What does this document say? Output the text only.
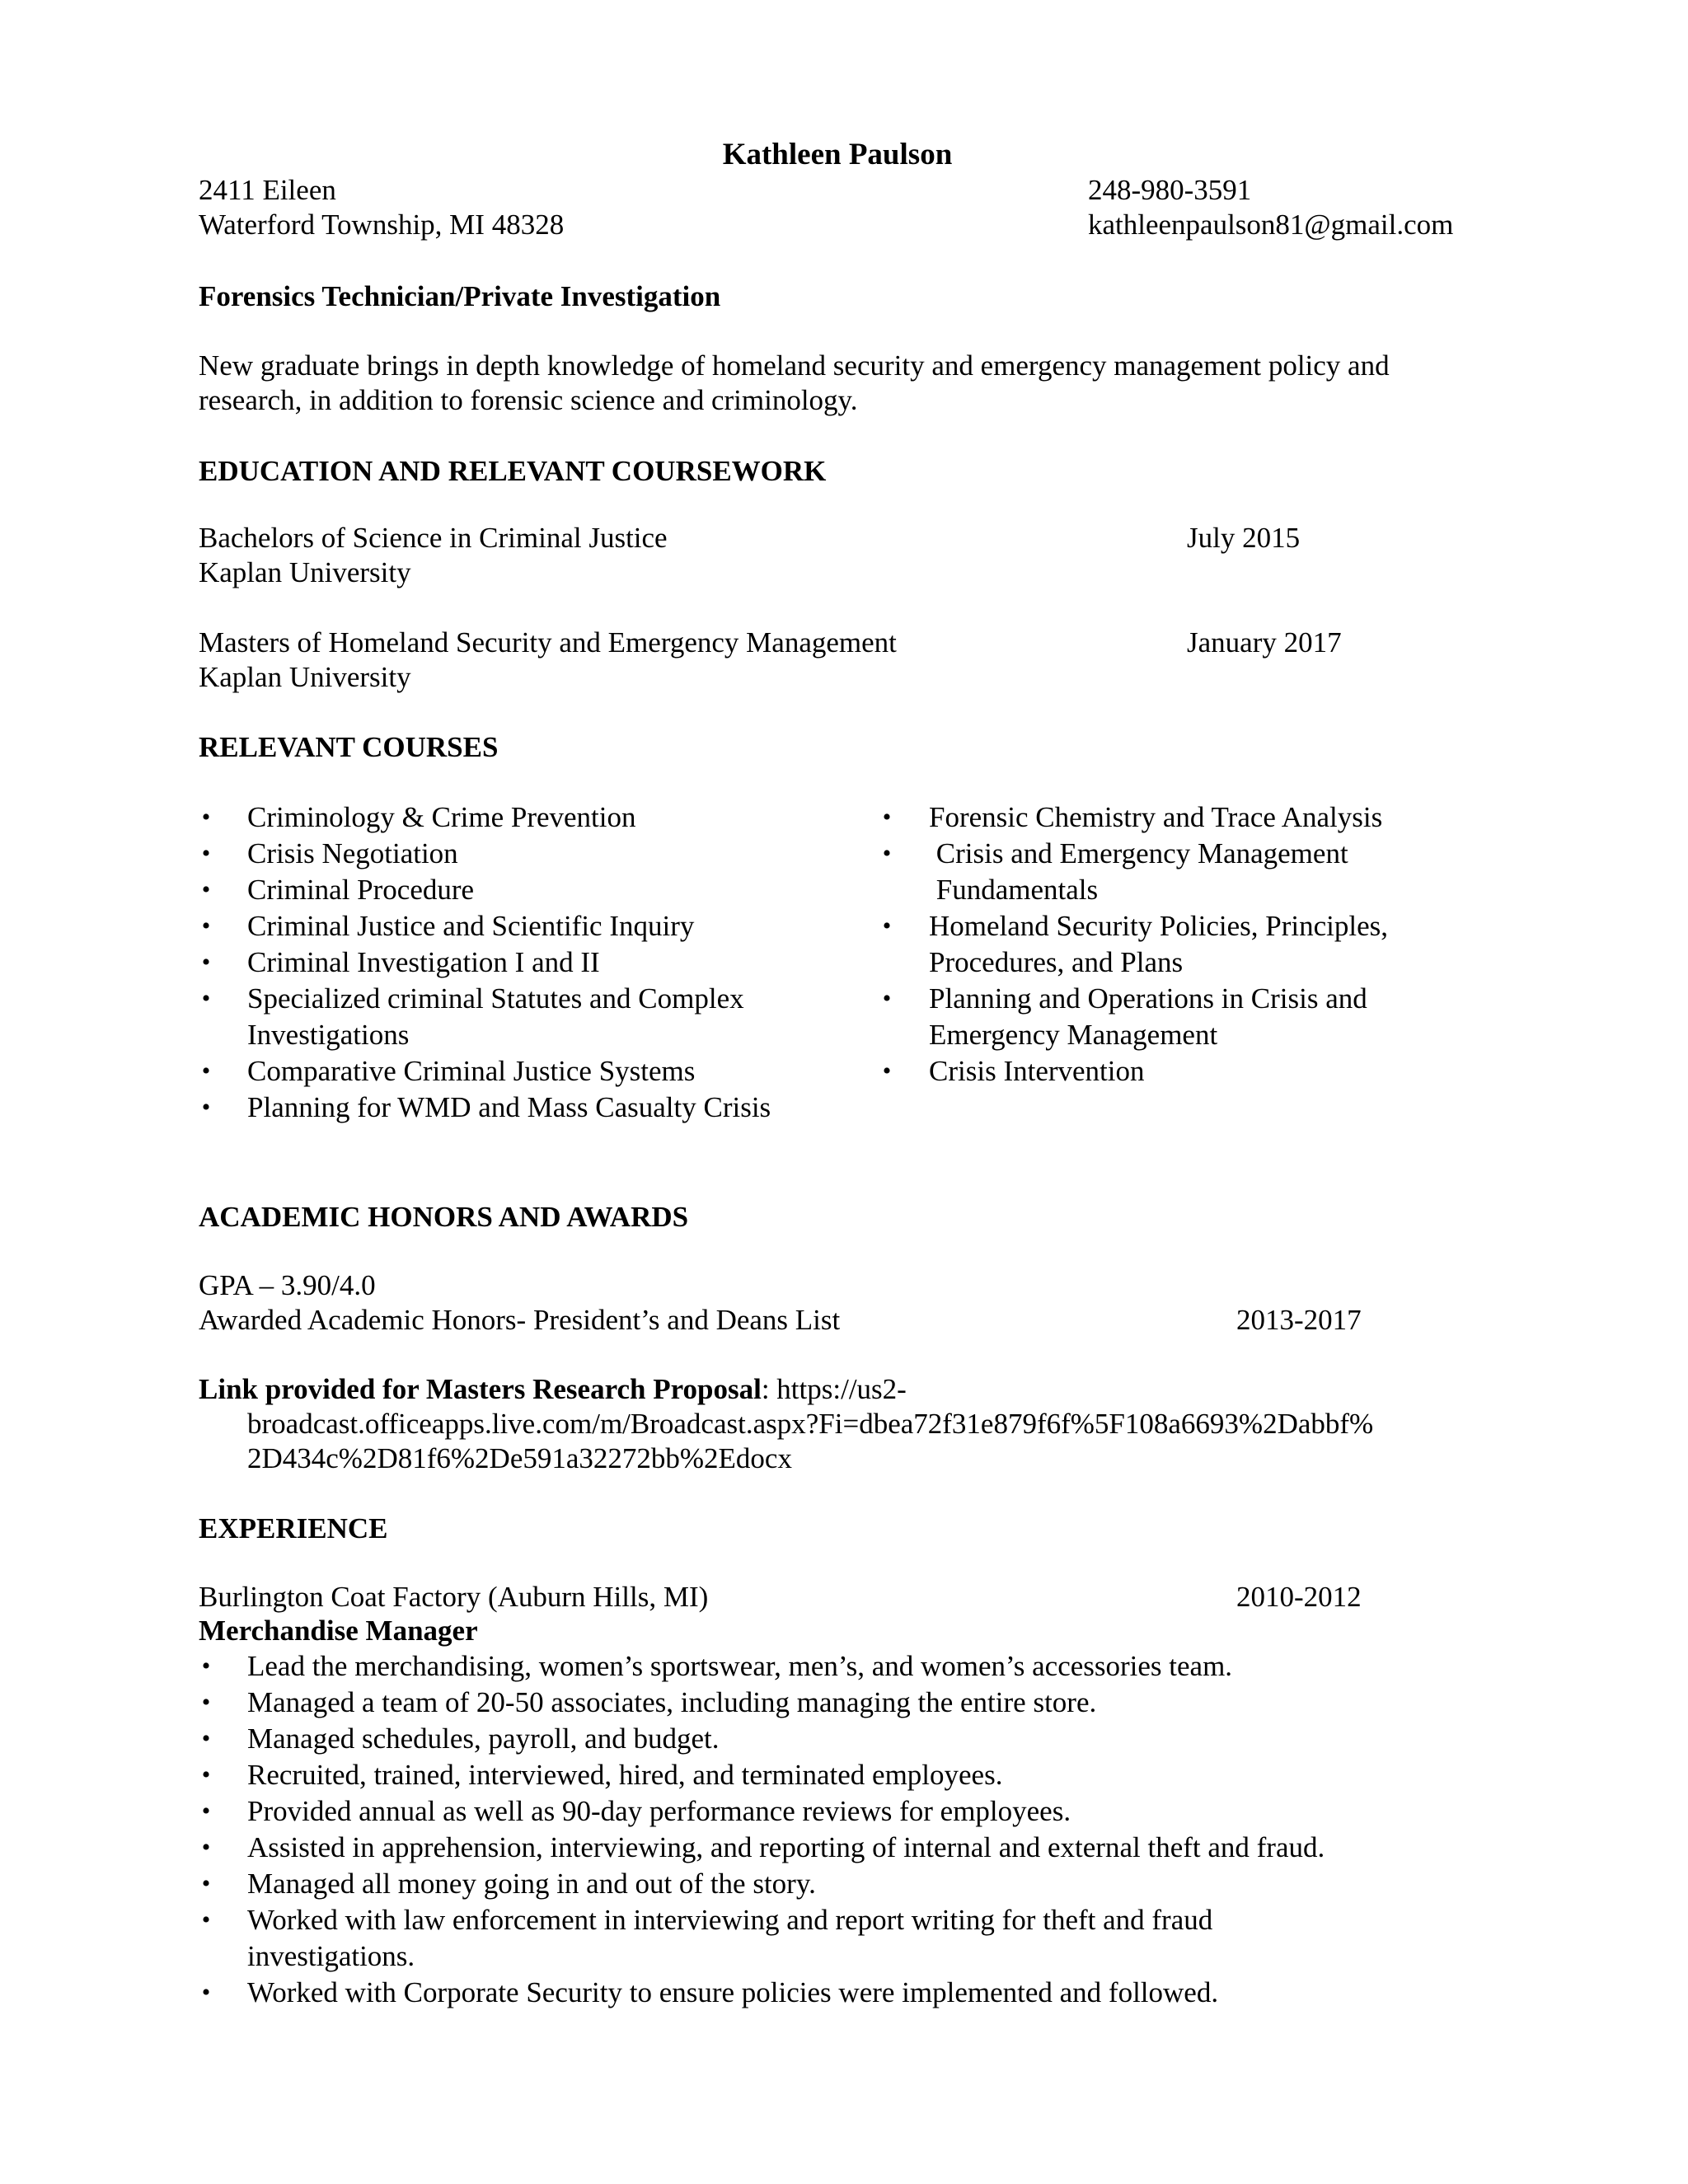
Kathleen Paulson
2411 Eileen
Waterford Township, MI 48328
248-980-3591
kathleenpaulson81@gmail.com
Forensics Technician/Private Investigation
New graduate brings in depth knowledge of homeland security and emergency management policy and
research, in addition to forensic science and criminology.
EDUCATION AND RELEVANT COURSEWORK
Bachelors of Science in Criminal Justice	July 2015
Kaplan University
Masters of Homeland Security and Emergency Management	January 2017
Kaplan University
RELEVANT COURSES
• Criminology & Crime Prevention
• Crisis Negotiation
• Criminal Procedure
• Criminal Justice and Scientific Inquiry
• Criminal Investigation I and II
• Specialized criminal Statutes and Complex
Investigations
• Comparative Criminal Justice Systems
• Planning for WMD and Mass Casualty Crisis
• Forensic Chemistry and Trace Analysis
• Crisis and Emergency Management
Fundamentals
• Homeland Security Policies, Principles,
Procedures, and Plans
• Planning and Operations in Crisis and
Emergency Management
• Crisis Intervention
ACADEMIC HONORS AND AWARDS
GPA – 3.90/4.0
Awarded Academic Honors- President’s and Deans List	2013-2017
Link provided for Masters Research Proposal: https://us2-
broadcast.officeapps.live.com/m/Broadcast.aspx?Fi=dbea72f31e879f6f%5F108a6693%2Dabbf%
2D434c%2D81f6%2De591a32272bb%2Edocx
EXPERIENCE
Burlington Coat Factory (Auburn Hills, MI)	2010-2012
Merchandise Manager
• Lead the merchandising, women’s sportswear, men’s, and women’s accessories team.
• Managed a team of 20-50 associates, including managing the entire store.
• Managed schedules, payroll, and budget.
• Recruited, trained, interviewed, hired, and terminated employees.
• Provided annual as well as 90-day performance reviews for employees.
• Assisted in apprehension, interviewing, and reporting of internal and external theft and fraud.
• Managed all money going in and out of the story.
• Worked with law enforcement in interviewing and report writing for theft and fraud
investigations.
• Worked with Corporate Security to ensure policies were implemented and followed.
